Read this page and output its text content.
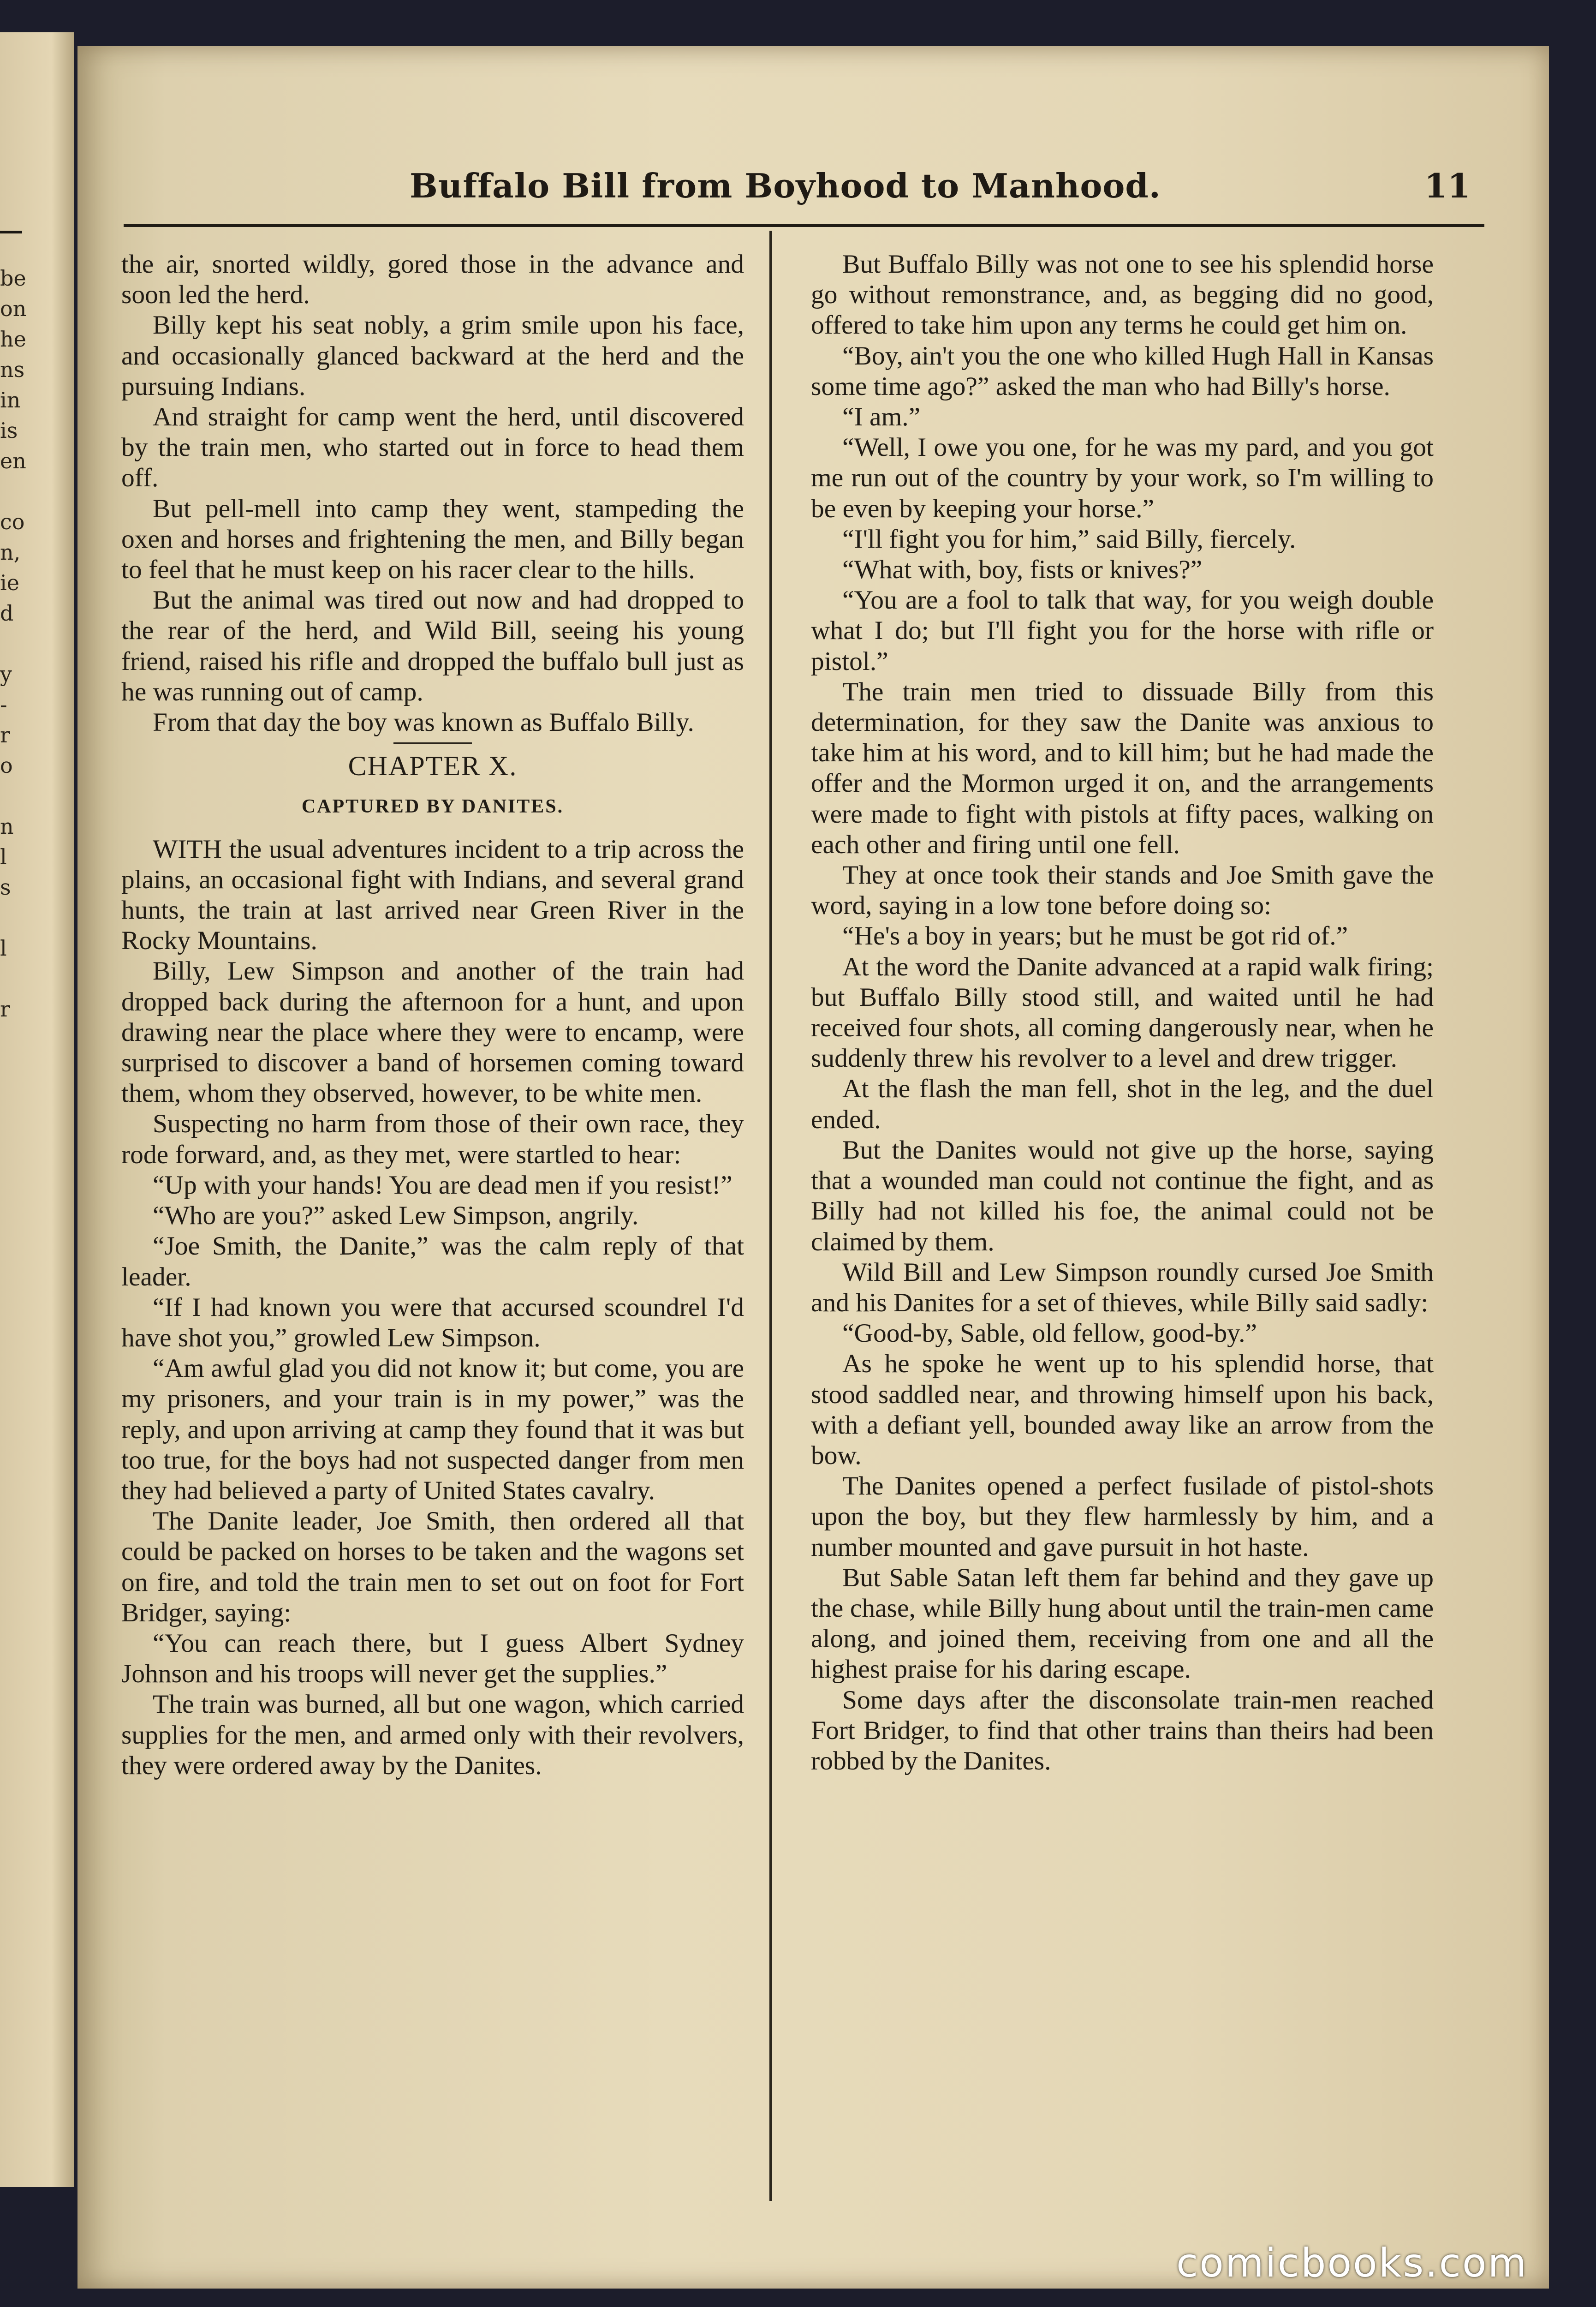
be
on
he
ns
in
is
en
co
n,
ie
d
y
-
r
o
n
l
s
l
r
Buffalo Bill from Boyhood to Manhood.	11

the air, snorted wildly, gored those in the advance and soon led the herd.

Billy kept his seat nobly, a grim smile upon his face, and occasionally glanced backward at the herd and the pursuing Indians.

And straight for camp went the herd, until discovered by the train men, who started out in force to head them off.

But pell-mell into camp they went, stampeding the oxen and horses and frightening the men, and Billy began to feel that he must keep on his racer clear to the hills.

But the animal was tired out now and had dropped to the rear of the herd, and Wild Bill, seeing his young friend, raised his rifle and dropped the buffalo bull just as he was running out of camp.

From that day the boy was known as Buffalo Billy.

CHAPTER X.

CAPTURED BY DANITES.

WITH the usual adventures incident to a trip across the plains, an occasional fight with Indians, and several grand hunts, the train at last arrived near Green River in the Rocky Mountains.

Billy, Lew Simpson and another of the train had dropped back during the afternoon for a hunt, and upon drawing near the place where they were to encamp, were surprised to discover a band of horsemen coming toward them, whom they observed, however, to be white men.

Suspecting no harm from those of their own race, they rode forward, and, as they met, were startled to hear:

“Up with your hands! You are dead men if you resist!”

“Who are you?” asked Lew Simpson, angrily.

“Joe Smith, the Danite,” was the calm reply of that leader.

“If I had known you were that accursed scoundrel I'd have shot you,” growled Lew Simpson.

“Am awful glad you did not know it; but come, you are my prisoners, and your train is in my power,” was the reply, and upon arriving at camp they found that it was but too true, for the boys had not suspected danger from men they had believed a party of United States cavalry.

The Danite leader, Joe Smith, then ordered all that could be packed on horses to be taken and the wagons set on fire, and told the train men to set out on foot for Fort Bridger, saying:

“You can reach there, but I guess Albert Sydney Johnson and his troops will never get the supplies.”

The train was burned, all but one wagon, which carried supplies for the men, and armed only with their revolvers, they were ordered away by the Danites.

But Buffalo Billy was not one to see his splendid horse go without remonstrance, and, as begging did no good, offered to take him upon any terms he could get him on.

“Boy, ain't you the one who killed Hugh Hall in Kansas some time ago?” asked the man who had Billy's horse.

“I am.”

“Well, I owe you one, for he was my pard, and you got me run out of the country by your work, so I'm willing to be even by keeping your horse.”

“I'll fight you for him,” said Billy, fiercely.

“What with, boy, fists or knives?”

“You are a fool to talk that way, for you weigh double what I do; but I'll fight you for the horse with rifle or pistol.”

The train men tried to dissuade Billy from this determination, for they saw the Danite was anxious to take him at his word, and to kill him; but he had made the offer and the Mormon urged it on, and the arrangements were made to fight with pistols at fifty paces, walking on each other and firing until one fell.

They at once took their stands and Joe Smith gave the word, saying in a low tone before doing so:

“He's a boy in years; but he must be got rid of.”

At the word the Danite advanced at a rapid walk firing; but Buffalo Billy stood still, and waited until he had received four shots, all coming dangerously near, when he suddenly threw his revolver to a level and drew trigger.

At the flash the man fell, shot in the leg, and the duel ended.

But the Danites would not give up the horse, saying that a wounded man could not continue the fight, and as Billy had not killed his foe, the animal could not be claimed by them.

Wild Bill and Lew Simpson roundly cursed Joe Smith and his Danites for a set of thieves, while Billy said sadly:

“Good-by, Sable, old fellow, good-by.”

As he spoke he went up to his splendid horse, that stood saddled near, and throwing himself upon his back, with a defiant yell, bounded away like an arrow from the bow.

The Danites opened a perfect fusilade of pistol-shots upon the boy, but they flew harmlessly by him, and a number mounted and gave pursuit in hot haste.

But Sable Satan left them far behind and they gave up the chase, while Billy hung about until the train-men came along, and joined them, receiving from one and all the highest praise for his daring escape.

Some days after the disconsolate train-men reached Fort Bridger, to find that other trains than theirs had been robbed by the Danites.

comicbooks.com
